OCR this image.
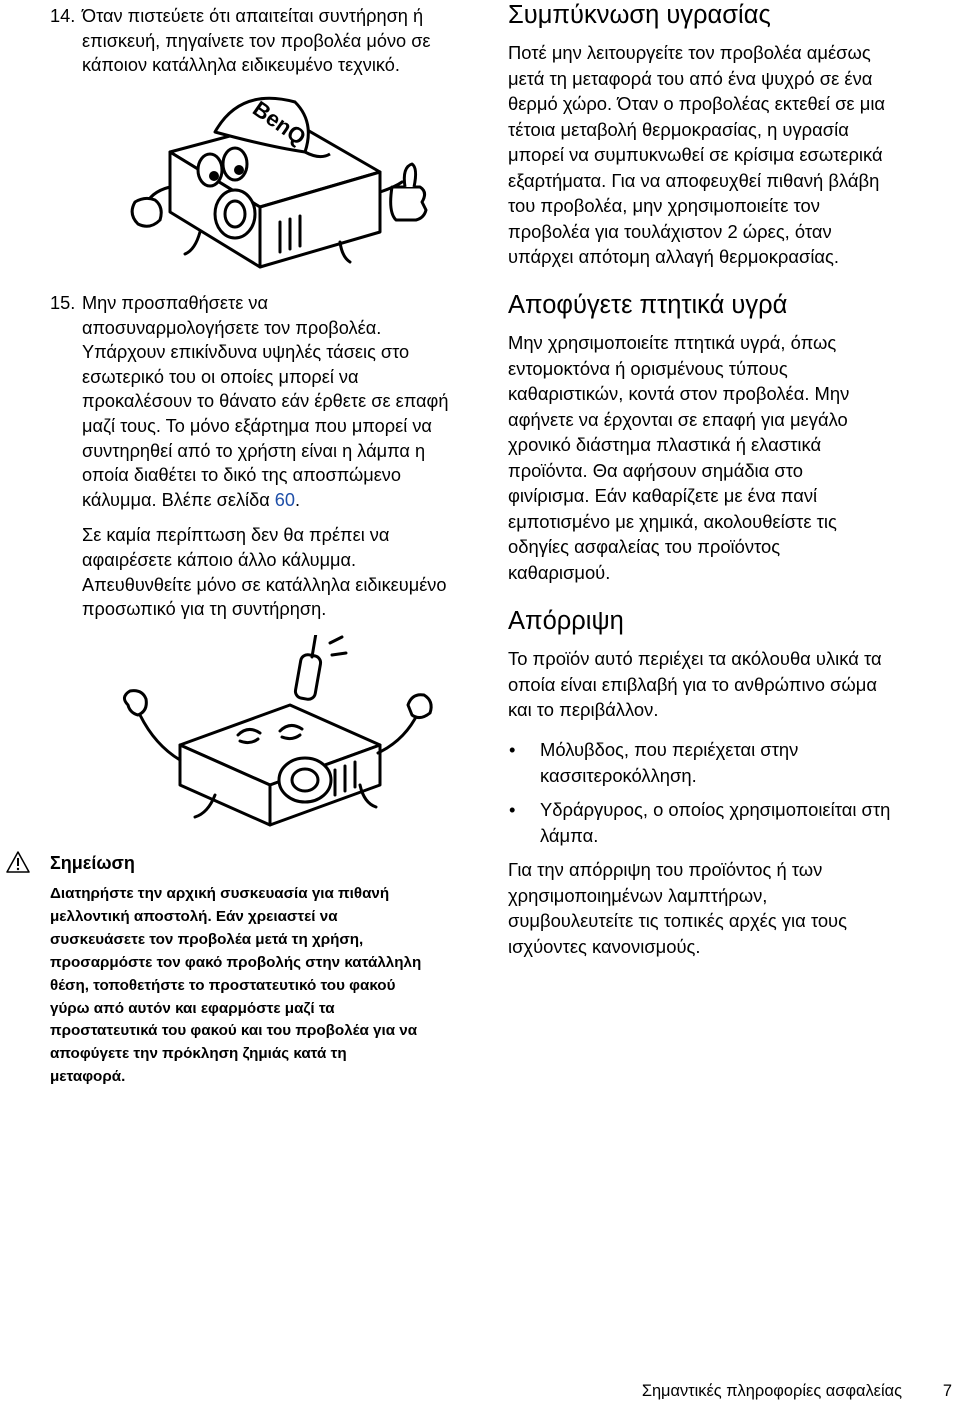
14. Όταν πιστεύετε ότι απαιτείται συντήρηση ή
επισκευή, πηγαίνετε τον προβολέα μόνο σε
κάποιον κατάλληλα ειδικευμένο τεχνικό.
BenQ
15. Μην προσπαθήσετε να
αποσυναρμολογήσετε τον προβολέα.
Υπάρχουν επικίνδυνα υψηλές τάσεις στο
εσωτερικό του οι οποίες μπορεί να
προκαλέσουν το θάνατο εάν έρθετε σε επαφή
μαζί τους. Το μόνο εξάρτημα που μπορεί να
συντηρηθεί από το χρήστη είναι η λάμπα η
οποία διαθέτει το δικό της αποσπώμενο
κάλυμμα. Βλέπε σελίδα 60.
Σε καμία περίπτωση δεν θα πρέπει να
αφαιρέσετε κάποιο άλλο κάλυμμα.
Απευθυνθείτε μόνο σε κατάλληλα ειδικευμένο
προσωπικό για τη συντήρηση.
Σημείωση
Διατηρήστε την αρχική συσκευασία για πιθανή
μελλοντική αποστολή. Εάν χρειαστεί να
συσκευάσετε τον προβολέα μετά τη χρήση,
προσαρμόστε τον φακό προβολής στην κατάλληλη
θέση, τοποθετήστε το προστατευτικό του φακού
γύρω από αυτόν και εφαρμόστε μαζί τα
προστατευτικά του φακού και του προβολέα για να
αποφύγετε την πρόκληση ζημιάς κατά τη
μεταφορά.
Συμπύκνωση υγρασίας
Ποτέ μην λειτουργείτε τον προβολέα αμέσως
μετά τη μεταφορά του από ένα ψυχρό σε ένα
θερμό χώρο. Όταν ο προβολέας εκτεθεί σε μια
τέτοια μεταβολή θερμοκρασίας, η υγρασία
μπορεί να συμπυκνωθεί σε κρίσιμα εσωτερικά
εξαρτήματα. Για να αποφευχθεί πιθανή βλάβη
του προβολέα, μην χρησιμοποιείτε τον
προβολέα για τουλάχιστον 2 ώρες, όταν
υπάρχει απότομη αλλαγή θερμοκρασίας.
Αποφύγετε πτητικά υγρά
Μην χρησιμοποιείτε πτητικά υγρά, όπως
εντομοκτόνα ή ορισμένους τύπους
καθαριστικών, κοντά στον προβολέα. Μην
αφήνετε να έρχονται σε επαφή για μεγάλο
χρονικό διάστημα πλαστικά ή ελαστικά
προϊόντα. Θα αφήσουν σημάδια στο
φινίρισμα. Εάν καθαρίζετε με ένα πανί
εμποτισμένο με χημικά, ακολουθείστε τις
οδηγίες ασφαλείας του προϊόντος
καθαρισμού.
Απόρριψη
Το προϊόν αυτό περιέχει τα ακόλουθα υλικά τα
οποία είναι επιβλαβή για το ανθρώπινο σώμα
και το περιβάλλον.
• Μόλυβδος, που περιέχεται στην
κασσιτεροκόλληση.
• Υδράργυρος, ο οποίος χρησιμοποιείται στη
λάμπα.
Για την απόρριψη του προϊόντος ή των
χρησιμοποιημένων λαμπτήρων,
συμβουλευτείτε τις τοπικές αρχές για τους
ισχύοντες κανονισμούς.
Σημαντικές πληροφορίες ασφαλείας 7
